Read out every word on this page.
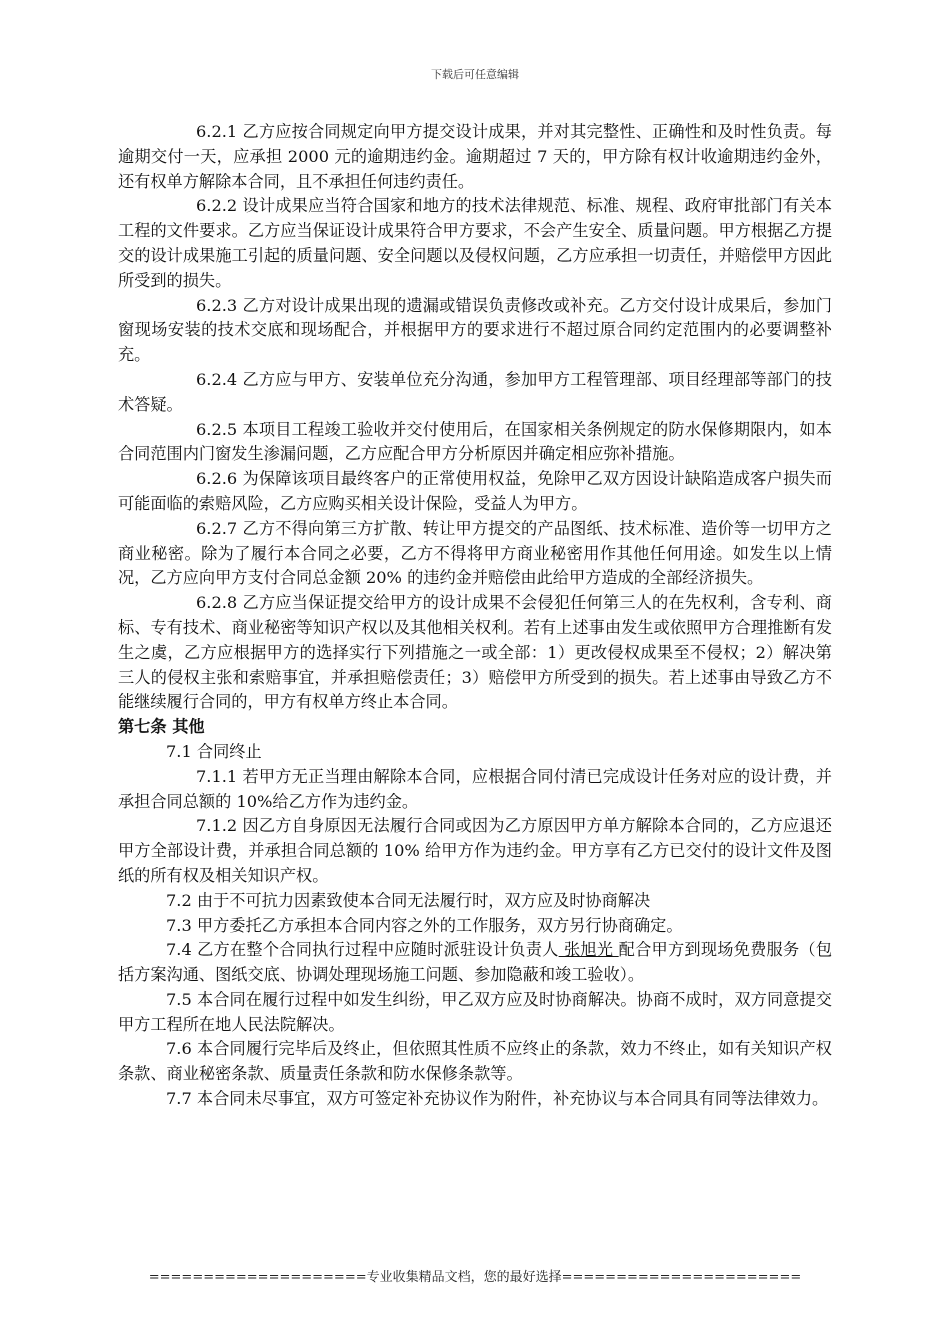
下载后可任意编辑

6.2.1 乙方应按合同规定向甲方提交设计成果，并对其完整性、正确性和及时性负责。每逾期交付一天，应承担 2000 元的逾期违约金。逾期超过 7 天的，甲方除有权计收逾期违约金外，还有权单方解除本合同，且不承担任何违约责任。

6.2.2 设计成果应当符合国家和地方的技术法律规范、标准、规程、政府审批部门有关本工程的文件要求。乙方应当保证设计成果符合甲方要求，不会产生安全、质量问题。甲方根据乙方提交的设计成果施工引起的质量问题、安全问题以及侵权问题，乙方应承担一切责任，并赔偿甲方因此所受到的损失。

6.2.3 乙方对设计成果出现的遗漏或错误负责修改或补充。乙方交付设计成果后，参加门窗现场安装的技术交底和现场配合，并根据甲方的要求进行不超过原合同约定范围内的必要调整补充。

6.2.4 乙方应与甲方、安装单位充分沟通，参加甲方工程管理部、项目经理部等部门的技术答疑。

6.2.5 本项目工程竣工验收并交付使用后，在国家相关条例规定的防水保修期限内，如本合同范围内门窗发生渗漏问题，乙方应配合甲方分析原因并确定相应弥补措施。

6.2.6 为保障该项目最终客户的正常使用权益，免除甲乙双方因设计缺陷造成客户损失而可能面临的索赔风险，乙方应购买相关设计保险，受益人为甲方。

6.2.7 乙方不得向第三方扩散、转让甲方提交的产品图纸、技术标准、造价等一切甲方之商业秘密。除为了履行本合同之必要，乙方不得将甲方商业秘密用作其他任何用途。如发生以上情况，乙方应向甲方支付合同总金额 20% 的违约金并赔偿由此给甲方造成的全部经济损失。

6.2.8 乙方应当保证提交给甲方的设计成果不会侵犯任何第三人的在先权利，含专利、商标、专有技术、商业秘密等知识产权以及其他相关权利。若有上述事由发生或依照甲方合理推断有发生之虞，乙方应根据甲方的选择实行下列措施之一或全部：1）更改侵权成果至不侵权；2）解决第三人的侵权主张和索赔事宜，并承担赔偿责任；3）赔偿甲方所受到的损失。若上述事由导致乙方不能继续履行合同的，甲方有权单方终止本合同。

第七条 其他

7.1 合同终止

7.1.1 若甲方无正当理由解除本合同，应根据合同付清已完成设计任务对应的设计费，并承担合同总额的 10%给乙方作为违约金。

7.1.2 因乙方自身原因无法履行合同或因为乙方原因甲方单方解除本合同的，乙方应退还甲方全部设计费，并承担合同总额的 10% 给甲方作为违约金。甲方享有乙方已交付的设计文件及图纸的所有权及相关知识产权。

7.2 由于不可抗力因素致使本合同无法履行时，双方应及时协商解决

7.3 甲方委托乙方承担本合同内容之外的工作服务，双方另行协商确定。

7.4 乙方在整个合同执行过程中应随时派驻设计负责人 张旭光 配合甲方到现场免费服务（包括方案沟通、图纸交底、协调处理现场施工问题、参加隐蔽和竣工验收）。

7.5 本合同在履行过程中如发生纠纷，甲乙双方应及时协商解决。协商不成时，双方同意提交甲方工程所在地人民法院解决。

7.6 本合同履行完毕后及终止，但依照其性质不应终止的条款，效力不终止，如有关知识产权条款、商业秘密条款、质量责任条款和防水保修条款等。

7.7 本合同未尽事宜，双方可签定补充协议作为附件，补充协议与本合同具有同等法律效力。

====================专业收集精品文档，您的最好选择======================
